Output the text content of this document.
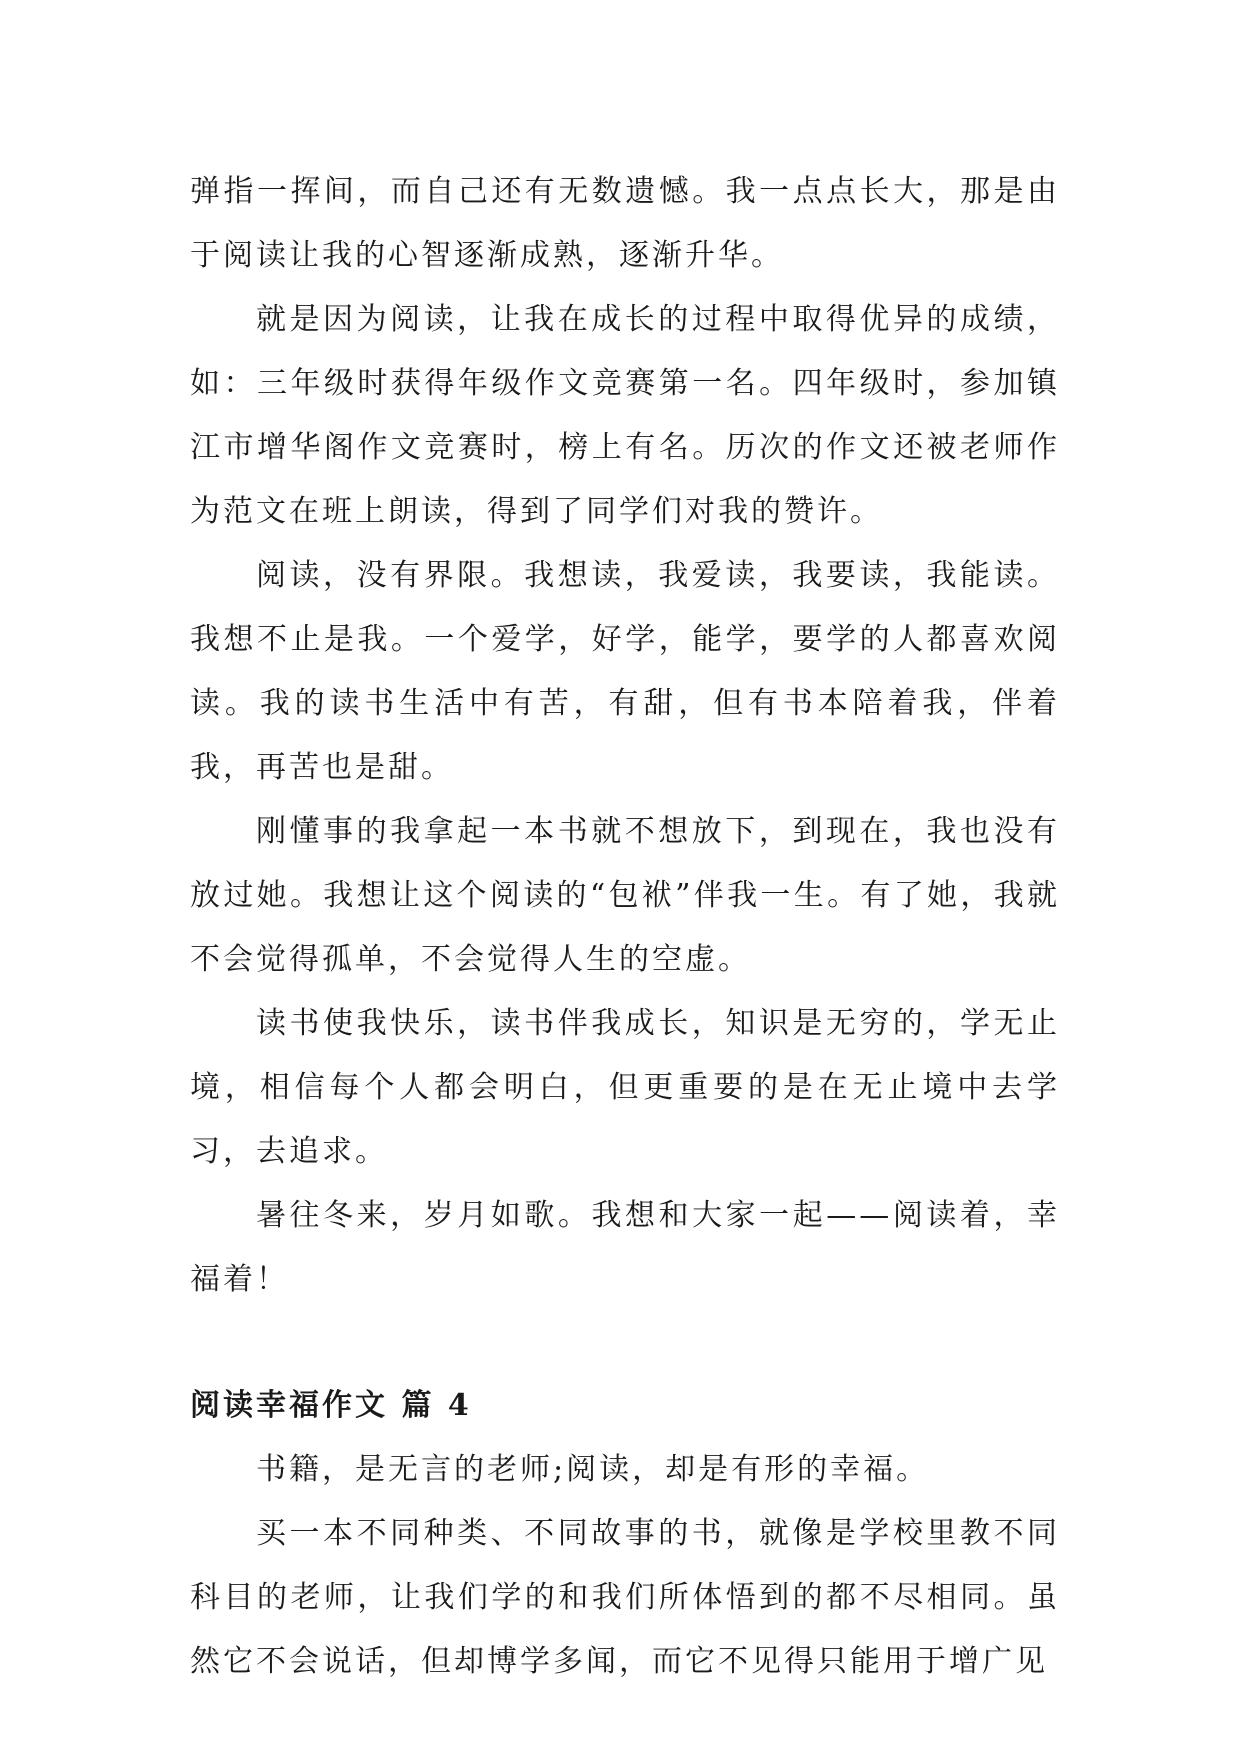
弹指一挥间，而自己还有无数遗憾。我一点点长大，那是由于阅读让我的心智逐渐成熟，逐渐升华。

就是因为阅读，让我在成长的过程中取得优异的成绩，如：三年级时获得年级作文竞赛第一名。四年级时，参加镇江市增华阁作文竞赛时，榜上有名。历次的作文还被老师作为范文在班上朗读，得到了同学们对我的赞许。

阅读，没有界限。我想读，我爱读，我要读，我能读。我想不止是我。一个爱学，好学，能学，要学的人都喜欢阅读。我的读书生活中有苦，有甜，但有书本陪着我，伴着我，再苦也是甜。

刚懂事的我拿起一本书就不想放下，到现在，我也没有放过她。我想让这个阅读的“包袱”伴我一生。有了她，我就不会觉得孤单，不会觉得人生的空虚。

读书使我快乐，读书伴我成长，知识是无穷的，学无止境，相信每个人都会明白，但更重要的是在无止境中去学习，去追求。

暑往冬来，岁月如歌。我想和大家一起——阅读着，幸福着！

阅读幸福作文 篇 4

书籍，是无言的老师;阅读，却是有形的幸福。

买一本不同种类、不同故事的书，就像是学校里教不同科目的老师，让我们学的和我们所体悟到的都不尽相同。虽然它不会说话，但却博学多闻，而它不见得只能用于增广见
